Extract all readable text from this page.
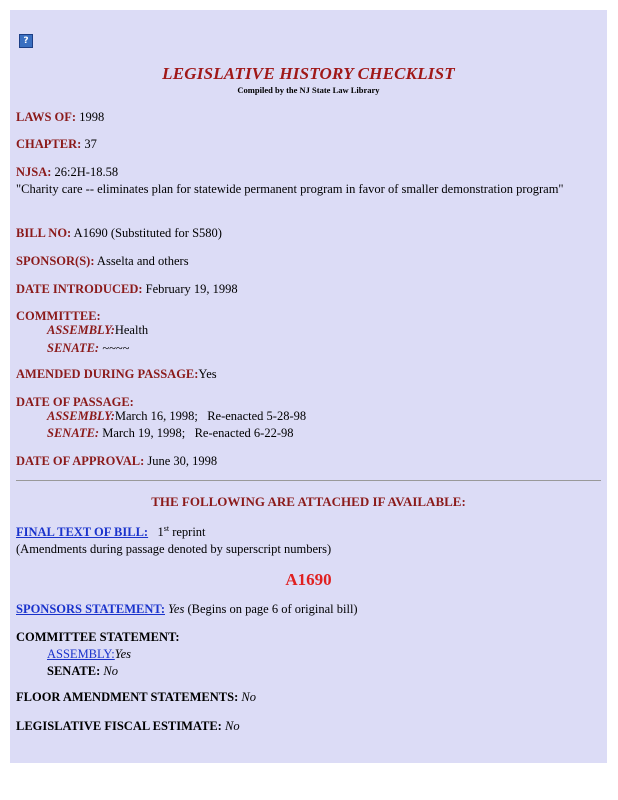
?
LEGISLATIVE HISTORY CHECKLIST
Compiled by the NJ State Law Library
LAWS OF: 1998
CHAPTER: 37
NJSA: 26:2H-18.58
"Charity care -- eliminates plan for statewide permanent program in favor of smaller demonstration program"
BILL NO: A1690 (Substituted for S580)
SPONSOR(S): Asselta and others
DATE INTRODUCED: February 19, 1998
COMMITTEE:
ASSEMBLY:Health
SENATE: ~~~~
AMENDED DURING PASSAGE:Yes
DATE OF PASSAGE:
ASSEMBLY:March 16, 1998;   Re-enacted 5-28-98
SENATE: March 19, 1998;   Re-enacted 6-22-98
DATE OF APPROVAL: June 30, 1998
THE FOLLOWING ARE ATTACHED IF AVAILABLE:
FINAL TEXT OF BILL: 1st reprint
(Amendments during passage denoted by superscript numbers)
A1690
SPONSORS STATEMENT: Yes (Begins on page 6 of original bill)
COMMITTEE STATEMENT:
ASSEMBLY:Yes
SENATE: No
FLOOR AMENDMENT STATEMENTS: No
LEGISLATIVE FISCAL ESTIMATE: No
